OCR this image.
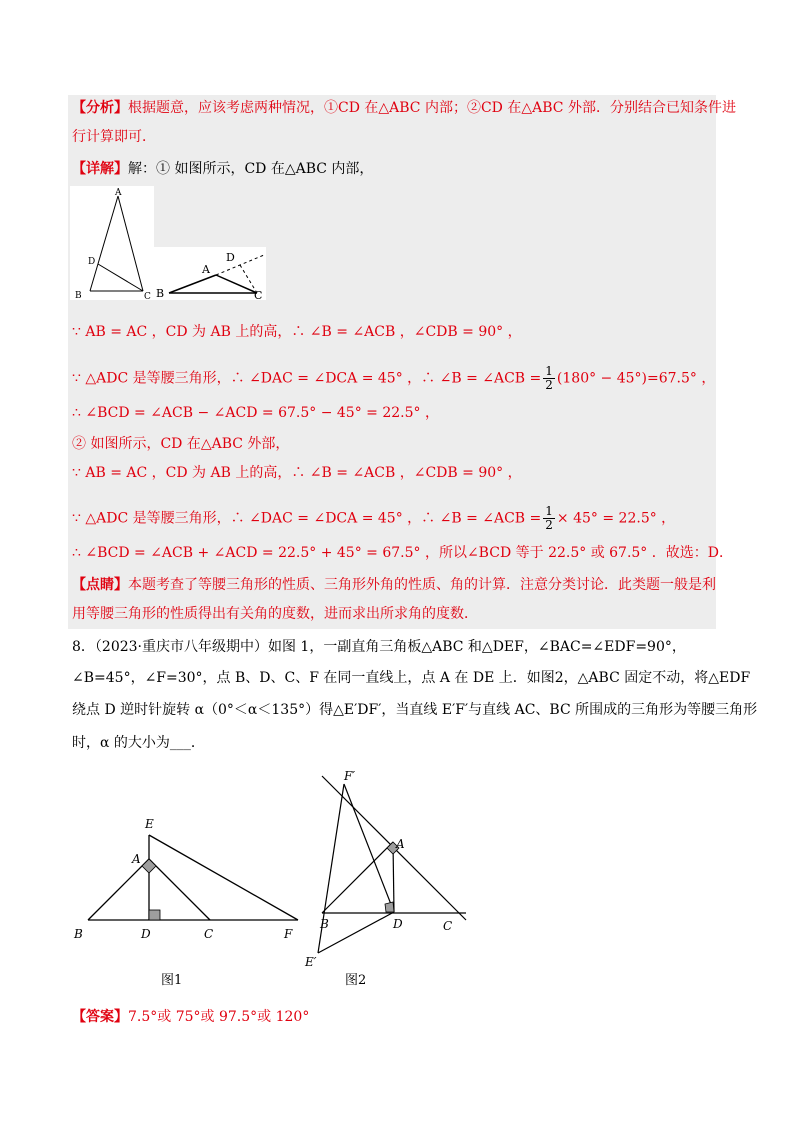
【分析】根据题意，应该考虑两种情况，①CD 在△ABC 内部；②CD 在△ABC 外部．分别结合已知条件进
行计算即可．
【详解】解：① 如图所示，CD 在△ABC 内部，
A
D
B	C
A
D
B	C
∵ AB = AC ，CD 为 AB 上的高，∴ ∠B = ∠ACB ，∠CDB = 90° ，
∵ △ADC 是等腰三角形，∴ ∠DAC = ∠DCA = 45° ，∴ ∠B = ∠ACB = $\frac{1}{2} (180^\circ - 45^\circ)=67.5^\circ$ ，
∴ ∠BCD = ∠ACB − ∠ACD = 67.5° − 45° = 22.5° ，
② 如图所示，CD 在△ABC 外部，
∵ AB = AC ，CD 为 AB 上的高，∴ ∠B = ∠ACB ，∠CDB = 90° ，
∵ △ADC 是等腰三角形，∴ ∠DAC = ∠DCA = 45° ，∴ ∠B = ∠ACB = $\frac{1}{2} \times 45^\circ = 22.5^\circ$ ，
∴ ∠BCD = ∠ACB + ∠ACD = 22.5° + 45° = 67.5° ，所以∠BCD 等于 22.5° 或 67.5° ．故选：D．
【点睛】本题考查了等腰三角形的性质、三角形外角的性质、角的计算．注意分类讨论．此类题一般是利
用等腰三角形的性质得出有关角的度数，进而求出所求角的度数．
8．（2023·重庆市八年级期中）如图 1，一副直角三角板△ABC 和△DEF，∠BAC=∠EDF=90°，
∠B=45°，∠F=30°，点 B、D、C、F 在同一直线上，点 A 在 DE 上．如图2，△ABC 固定不动，将△EDF
绕点 D 逆时针旋转 α（0°＜α＜135°）得△E′DF′，当直线 E′F′与直线 AC、BC 所围成的三角形为等腰三角形
时，α 的大小为___．
E
A
B	D	C	F
图1
F′
A
B	D	C
E′
图2
【答案】7.5°或 75°或 97.5°或 120°
